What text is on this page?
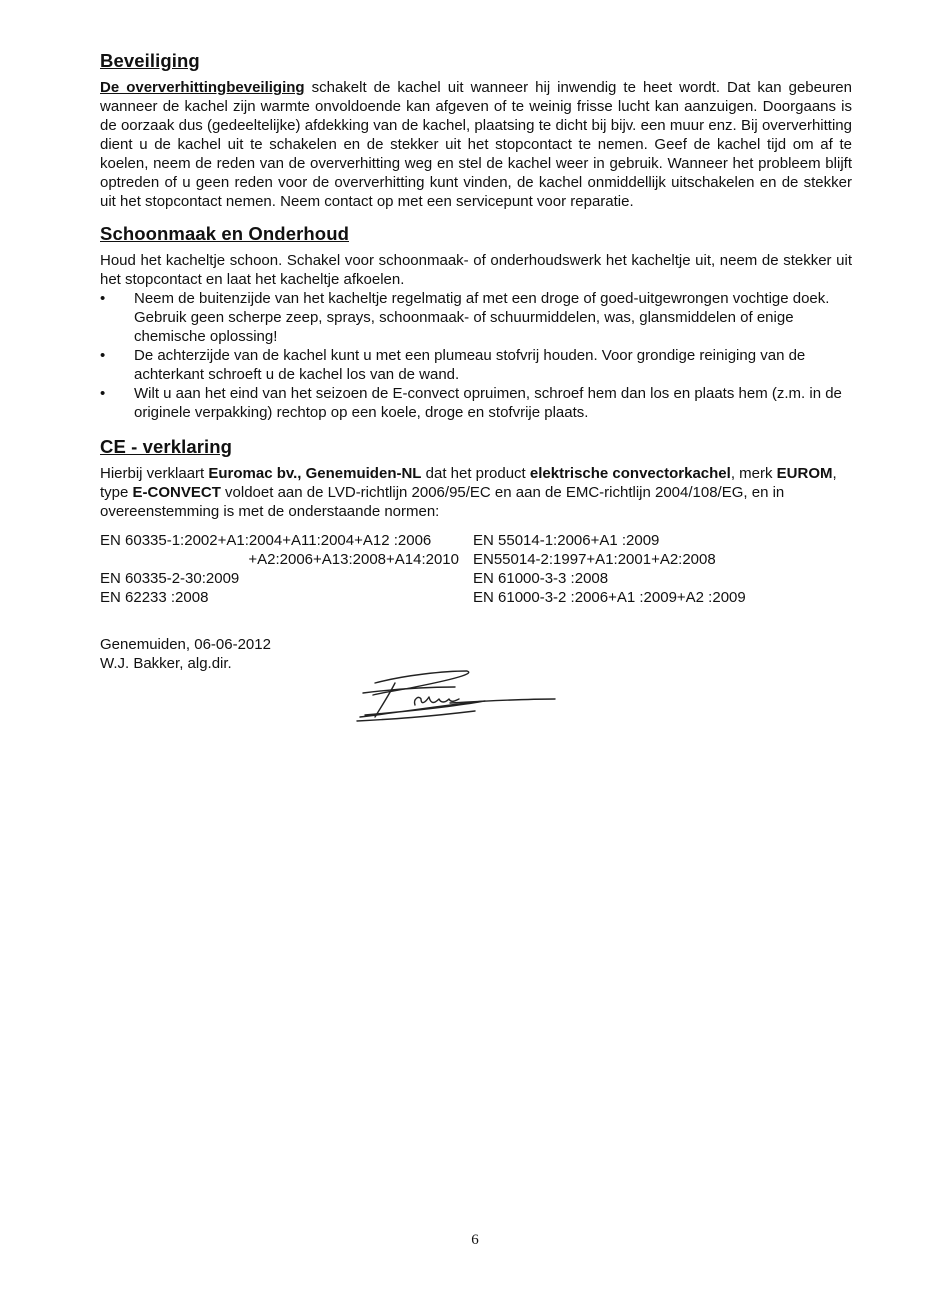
Beveiliging

De oververhittingbeveiliging schakelt de kachel uit wanneer hij inwendig te heet wordt. Dat kan gebeuren wanneer de kachel zijn warmte onvoldoende kan afgeven of te weinig frisse lucht kan aanzuigen. Doorgaans is de oorzaak dus (gedeeltelijke) afdekking van de kachel, plaatsing te dicht bij bijv. een muur enz. Bij oververhitting dient u de kachel uit te schakelen en de stekker uit het stopcontact te nemen. Geef de kachel tijd om af te koelen, neem de reden van de oververhitting weg en stel de kachel weer in gebruik. Wanneer het probleem blijft optreden of u geen reden voor de oververhitting kunt vinden, de kachel onmiddellijk uitschakelen en de stekker uit het stopcontact nemen. Neem contact op met een servicepunt voor reparatie.

Schoonmaak en Onderhoud

Houd het kacheltje schoon. Schakel voor schoonmaak- of onderhoudswerk het kacheltje uit, neem de stekker uit het stopcontact en laat het kacheltje afkoelen.

• Neem de buitenzijde van het kacheltje regelmatig af met een droge of goed-uitgewrongen vochtige doek. Gebruik geen scherpe zeep, sprays, schoonmaak- of schuurmiddelen, was, glansmiddelen of enige chemische oplossing!
• De achterzijde van de kachel kunt u met een plumeau stofvrij houden. Voor grondige reiniging van de achterkant schroeft u de kachel los van de wand.
• Wilt u aan het eind van het seizoen de E-convect opruimen, schroef hem dan los en plaats hem (z.m. in de originele verpakking) rechtop op een koele, droge en stofvrije plaats.
CE - verklaring

Hierbij verklaart Euromac bv., Genemuiden-NL dat het product elektrische convectorkachel, merk EUROM, type E-CONVECT voldoet aan de LVD-richtlijn 2006/95/EC en aan de EMC-richtlijn 2004/108/EG, en in overeenstemming is met de onderstaande normen:

EN 60335-1:2002+A1:2004+A11:2004+A12 :2006	EN 55014-1:2006+A1 :2009
+A2:2006+A13:2008+A14:2010 EN55014-2:1997+A1:2001+A2:2008
EN 60335-2-30:2009	EN 61000-3-3 :2008
EN 62233 :2008	EN 61000-3-2 :2006+A1 :2009+A2 :2009
Genemuiden, 06-06-2012
W.J. Bakker, alg.dir.
6
